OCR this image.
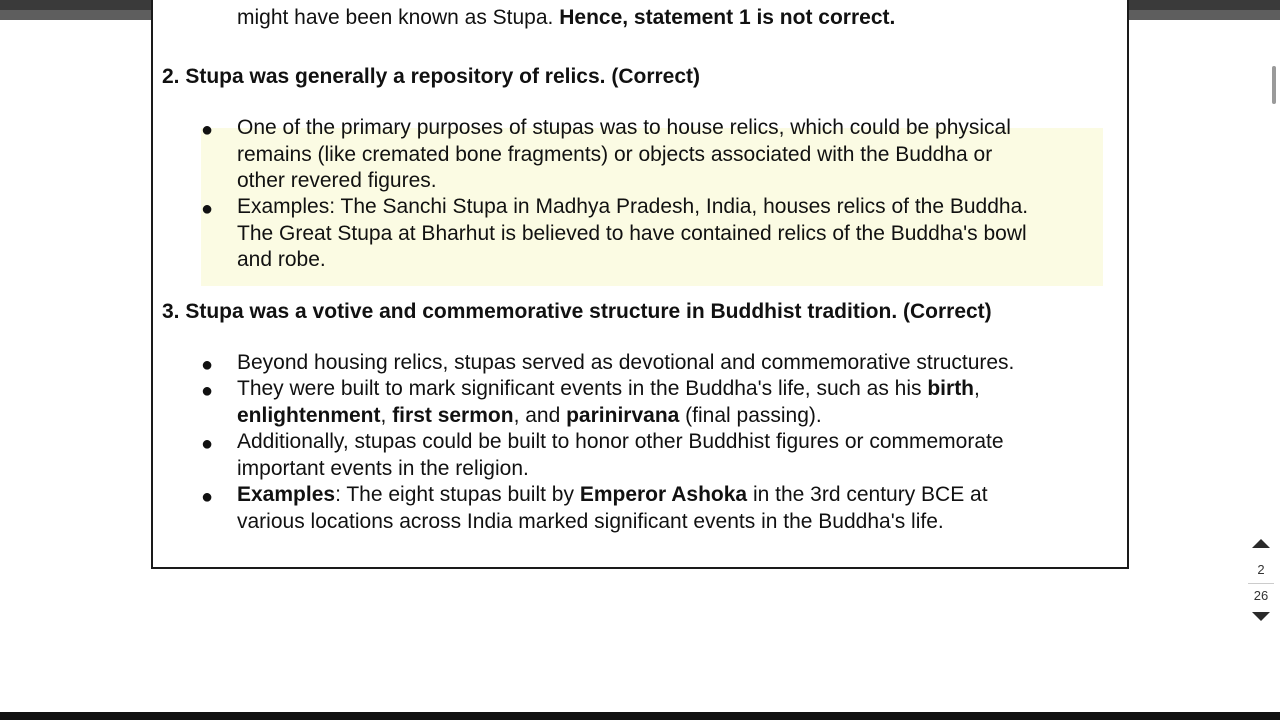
might have been known as Stupa. Hence, statement 1 is not correct.
2. Stupa was generally a repository of relics. (Correct)
● One of the primary purposes of stupas was to house relics, which could be physical
remains (like cremated bone fragments) or objects associated with the Buddha or
other revered figures.
● Examples: The Sanchi Stupa in Madhya Pradesh, India, houses relics of the Buddha.
The Great Stupa at Bharhut is believed to have contained relics of the Buddha's bowl
and robe.
3. Stupa was a votive and commemorative structure in Buddhist tradition. (Correct)
● Beyond housing relics, stupas served as devotional and commemorative structures.
● They were built to mark significant events in the Buddha's life, such as his birth,
enlightenment, first sermon, and parinirvana (final passing).
● Additionally, stupas could be built to honor other Buddhist figures or commemorate
important events in the religion.
● Examples: The eight stupas built by Emperor Ashoka in the 3rd century BCE at
various locations across India marked significant events in the Buddha's life.
2
26
